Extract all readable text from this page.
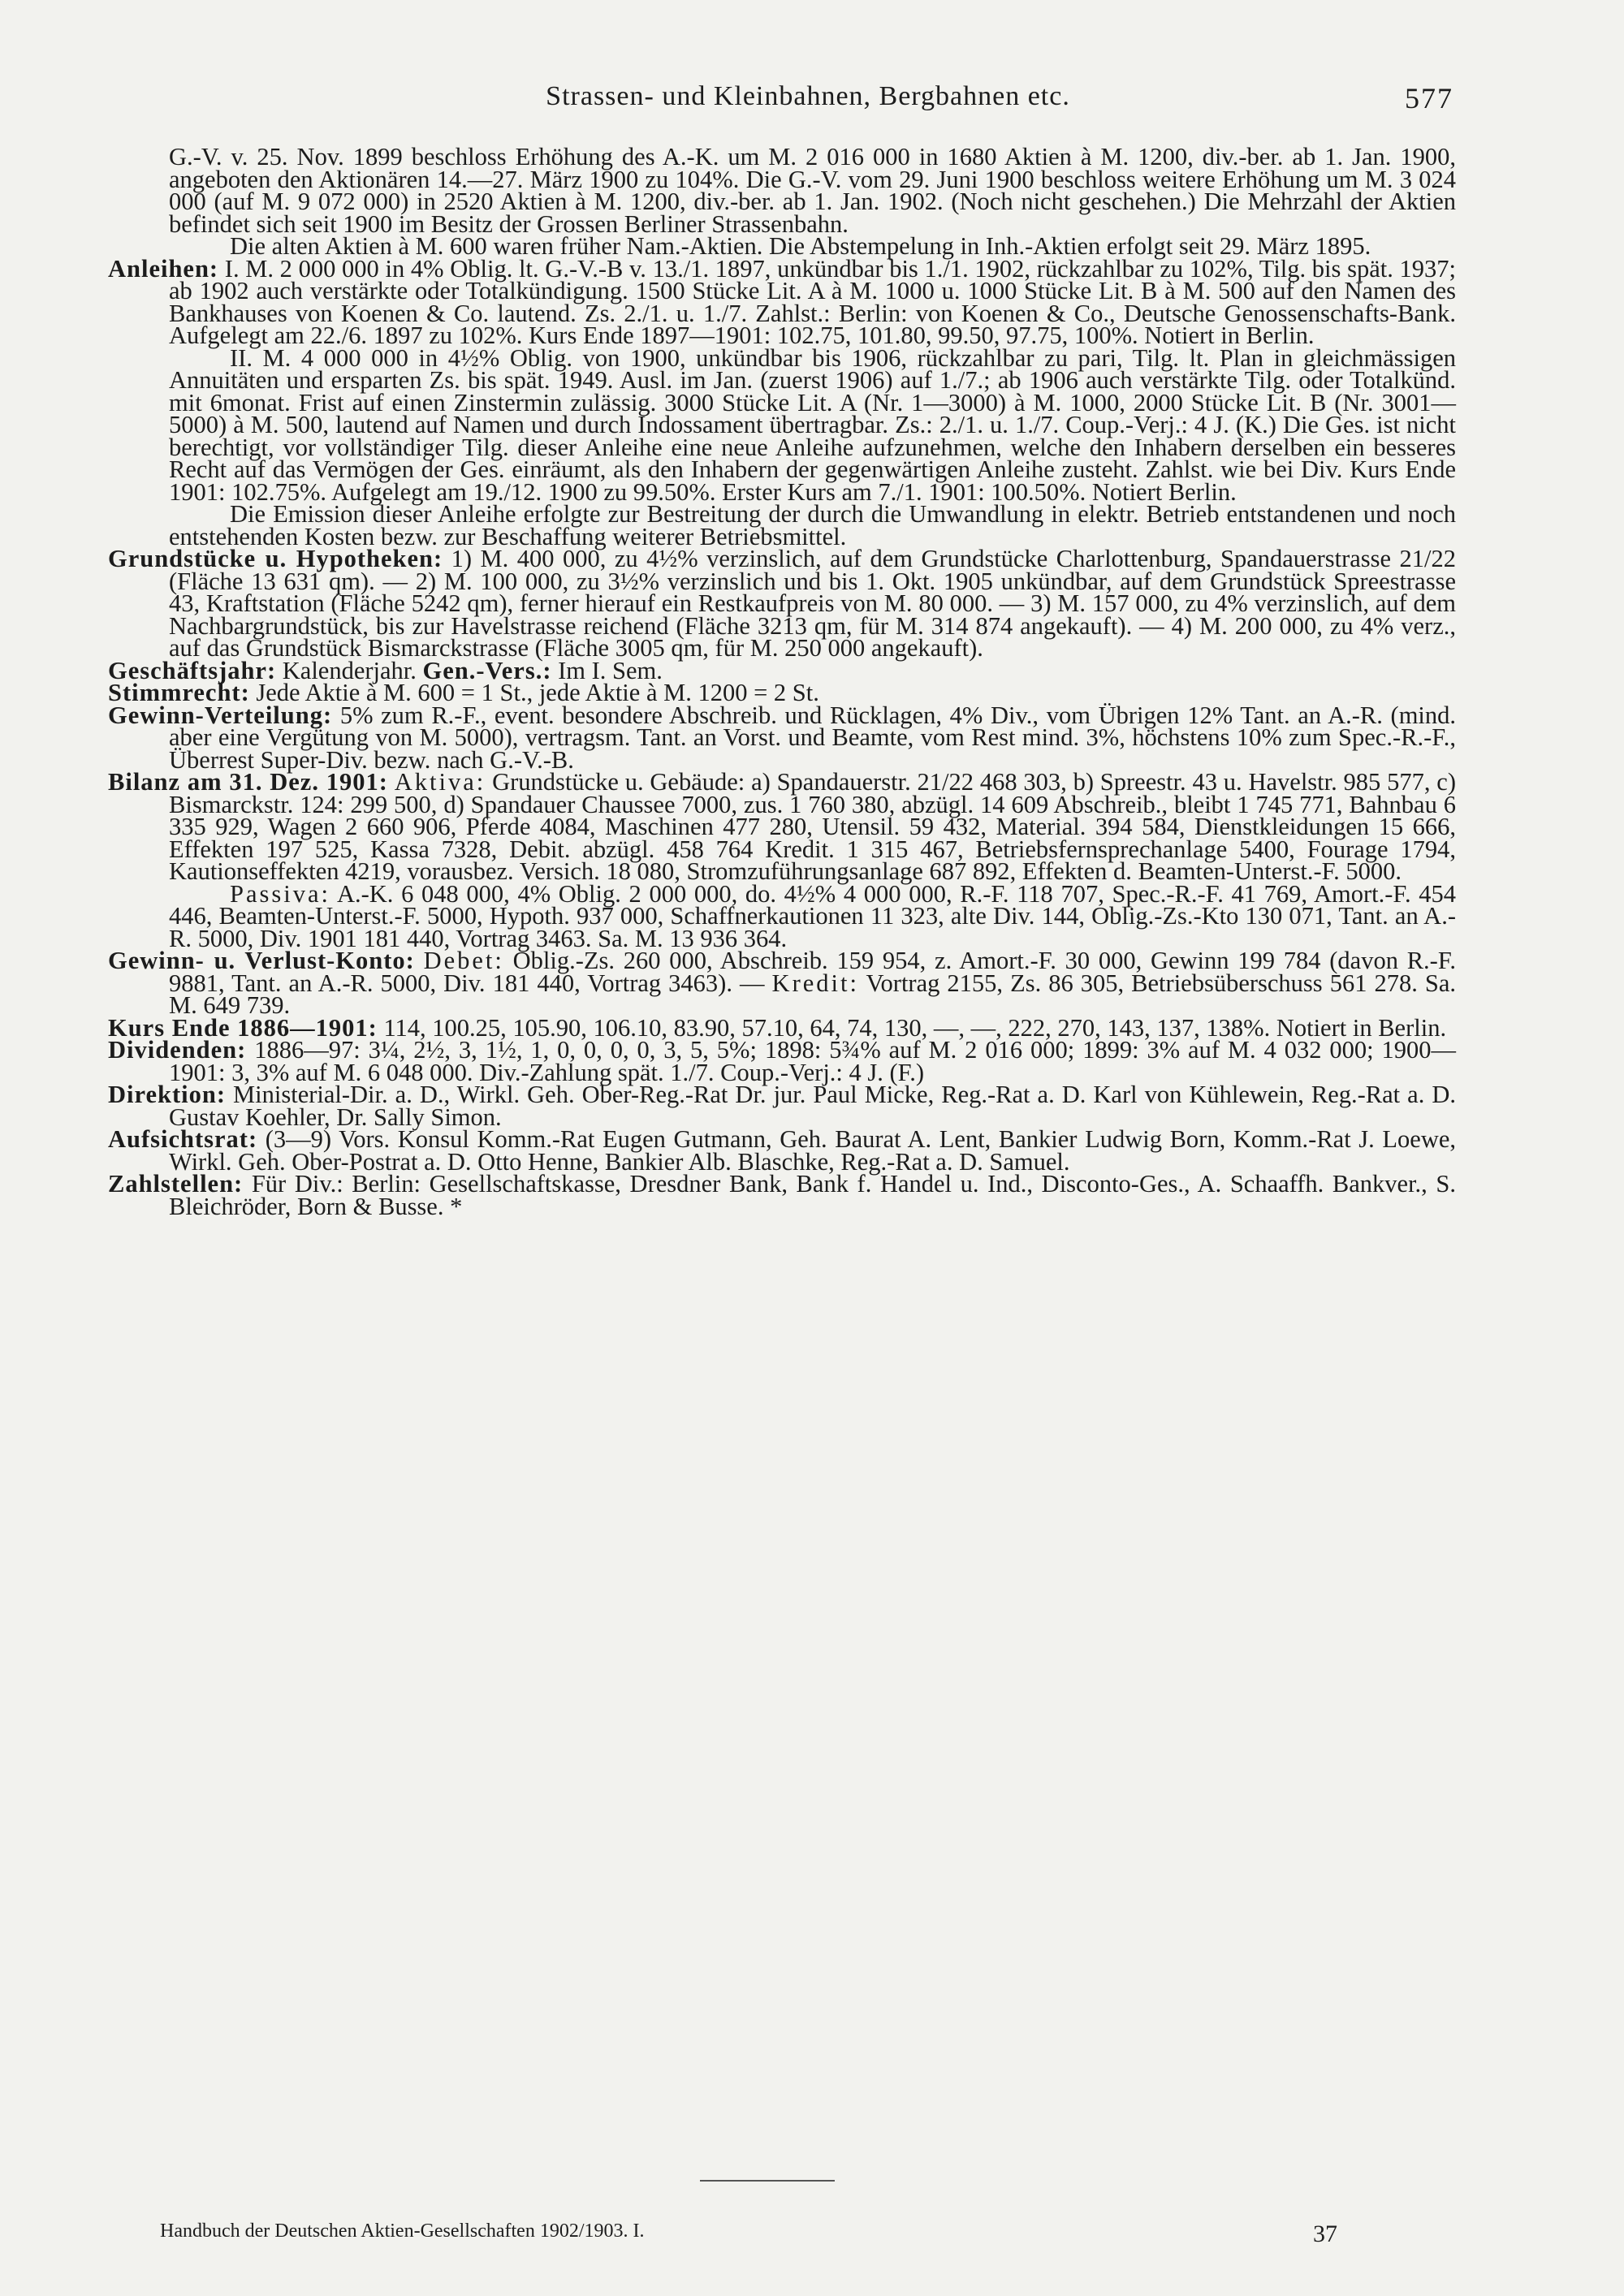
Strassen- und Kleinbahnen, Bergbahnen etc.	577

G.-V. v. 25. Nov. 1899 beschloss Erhöhung des A.-K. um M. 2 016 000 in 1680 Aktien à M. 1200, div.-ber. ab 1. Jan. 1900, angeboten den Aktionären 14.—27. März 1900 zu 104%. Die G.-V. vom 29. Juni 1900 beschloss weitere Erhöhung um M. 3 024 000 (auf M. 9 072 000) in 2520 Aktien à M. 1200, div.-ber. ab 1. Jan. 1902. (Noch nicht geschehen.) Die Mehrzahl der Aktien befindet sich seit 1900 im Besitz der Grossen Berliner Strassenbahn.

Die alten Aktien à M. 600 waren früher Nam.-Aktien. Die Abstempelung in Inh.-Aktien erfolgt seit 29. März 1895.

Anleihen: I. M. 2 000 000 in 4% Oblig. lt. G.-V.-B v. 13./1. 1897, unkündbar bis 1./1. 1902, rückzahlbar zu 102%, Tilg. bis spät. 1937; ab 1902 auch verstärkte oder Totalkündigung. 1500 Stücke Lit. A à M. 1000 u. 1000 Stücke Lit. B à M. 500 auf den Namen des Bankhauses von Koenen & Co. lautend. Zs. 2./1. u. 1./7. Zahlst.: Berlin: von Koenen & Co., Deutsche Genossenschafts-Bank. Aufgelegt am 22./6. 1897 zu 102%. Kurs Ende 1897—1901: 102.75, 101.80, 99.50, 97.75, 100%. Notiert in Berlin.

II. M. 4 000 000 in 4½% Oblig. von 1900, unkündbar bis 1906, rückzahlbar zu pari, Tilg. lt. Plan in gleichmässigen Annuitäten und ersparten Zs. bis spät. 1949. Ausl. im Jan. (zuerst 1906) auf 1./7.; ab 1906 auch verstärkte Tilg. oder Totalkünd. mit 6monat. Frist auf einen Zinstermin zulässig. 3000 Stücke Lit. A (Nr. 1—3000) à M. 1000, 2000 Stücke Lit. B (Nr. 3001—5000) à M. 500, lautend auf Namen und durch Indossament übertragbar. Zs.: 2./1. u. 1./7. Coup.-Verj.: 4 J. (K.) Die Ges. ist nicht berechtigt, vor vollständiger Tilg. dieser Anleihe eine neue Anleihe aufzunehmen, welche den Inhabern derselben ein besseres Recht auf das Vermögen der Ges. einräumt, als den Inhabern der gegenwärtigen Anleihe zusteht. Zahlst. wie bei Div. Kurs Ende 1901: 102.75%. Aufgelegt am 19./12. 1900 zu 99.50%. Erster Kurs am 7./1. 1901: 100.50%. Notiert Berlin.

Die Emission dieser Anleihe erfolgte zur Bestreitung der durch die Umwandlung in elektr. Betrieb entstandenen und noch entstehenden Kosten bezw. zur Beschaffung weiterer Betriebsmittel.

Grundstücke u. Hypotheken: 1) M. 400 000, zu 4½% verzinslich, auf dem Grundstücke Charlottenburg, Spandauerstrasse 21/22 (Fläche 13 631 qm). — 2) M. 100 000, zu 3½% verzinslich und bis 1. Okt. 1905 unkündbar, auf dem Grundstück Spreestrasse 43, Kraftstation (Fläche 5242 qm), ferner hierauf ein Restkaufpreis von M. 80 000. — 3) M. 157 000, zu 4% verzinslich, auf dem Nachbargrundstück, bis zur Havelstrasse reichend (Fläche 3213 qm, für M. 314 874 angekauft). — 4) M. 200 000, zu 4% verz., auf das Grundstück Bismarckstrasse (Fläche 3005 qm, für M. 250 000 angekauft).

Geschäftsjahr: Kalenderjahr. Gen.-Vers.: Im I. Sem.

Stimmrecht: Jede Aktie à M. 600 = 1 St., jede Aktie à M. 1200 = 2 St.

Gewinn-Verteilung: 5% zum R.-F., event. besondere Abschreib. und Rücklagen, 4% Div., vom Übrigen 12% Tant. an A.-R. (mind. aber eine Vergütung von M. 5000), vertragsm. Tant. an Vorst. und Beamte, vom Rest mind. 3%, höchstens 10% zum Spec.-R.-F., Überrest Super-Div. bezw. nach G.-V.-B.

Bilanz am 31. Dez. 1901: Aktiva: Grundstücke u. Gebäude: a) Spandauerstr. 21/22 468 303, b) Spreestr. 43 u. Havelstr. 985 577, c) Bismarckstr. 124: 299 500, d) Spandauer Chaussee 7000, zus. 1 760 380, abzügl. 14 609 Abschreib., bleibt 1 745 771, Bahnbau 6 335 929, Wagen 2 660 906, Pferde 4084, Maschinen 477 280, Utensil. 59 432, Material. 394 584, Dienstkleidungen 15 666, Effekten 197 525, Kassa 7328, Debit. abzügl. 458 764 Kredit. 1 315 467, Betriebsfernsprechanlage 5400, Fourage 1794, Kautionseffekten 4219, vorausbez. Versich. 18 080, Stromzuführungsanlage 687 892, Effekten d. Beamten-Unterst.-F. 5000.

Passiva: A.-K. 6 048 000, 4% Oblig. 2 000 000, do. 4½% 4 000 000, R.-F. 118 707, Spec.-R.-F. 41 769, Amort.-F. 454 446, Beamten-Unterst.-F. 5000, Hypoth. 937 000, Schaffnerkautionen 11 323, alte Div. 144, Oblig.-Zs.-Kto 130 071, Tant. an A.-R. 5000, Div. 1901 181 440, Vortrag 3463. Sa. M. 13 936 364.

Gewinn- u. Verlust-Konto: Debet: Oblig.-Zs. 260 000, Abschreib. 159 954, z. Amort.-F. 30 000, Gewinn 199 784 (davon R.-F. 9881, Tant. an A.-R. 5000, Div. 181 440, Vortrag 3463). — Kredit: Vortrag 2155, Zs. 86 305, Betriebsüberschuss 561 278. Sa. M. 649 739.

Kurs Ende 1886—1901: 114, 100.25, 105.90, 106.10, 83.90, 57.10, 64, 74, 130, —, —, 222, 270, 143, 137, 138%. Notiert in Berlin.

Dividenden: 1886—97: 3¼, 2½, 3, 1½, 1, 0, 0, 0, 0, 3, 5, 5%; 1898: 5¾% auf M. 2 016 000; 1899: 3% auf M. 4 032 000; 1900—1901: 3, 3% auf M. 6 048 000. Div.-Zahlung spät. 1./7. Coup.-Verj.: 4 J. (F.)

Direktion: Ministerial-Dir. a. D., Wirkl. Geh. Ober-Reg.-Rat Dr. jur. Paul Micke, Reg.-Rat a. D. Karl von Kühlewein, Reg.-Rat a. D. Gustav Koehler, Dr. Sally Simon.

Aufsichtsrat: (3—9) Vors. Konsul Komm.-Rat Eugen Gutmann, Geh. Baurat A. Lent, Bankier Ludwig Born, Komm.-Rat J. Loewe, Wirkl. Geh. Ober-Postrat a. D. Otto Henne, Bankier Alb. Blaschke, Reg.-Rat a. D. Samuel.

Zahlstellen: Für Div.: Berlin: Gesellschaftskasse, Dresdner Bank, Bank f. Handel u. Ind., Disconto-Ges., A. Schaaffh. Bankver., S. Bleichröder, Born & Busse. *

Handbuch der Deutschen Aktien-Gesellschaften 1902/1903. I.	37
